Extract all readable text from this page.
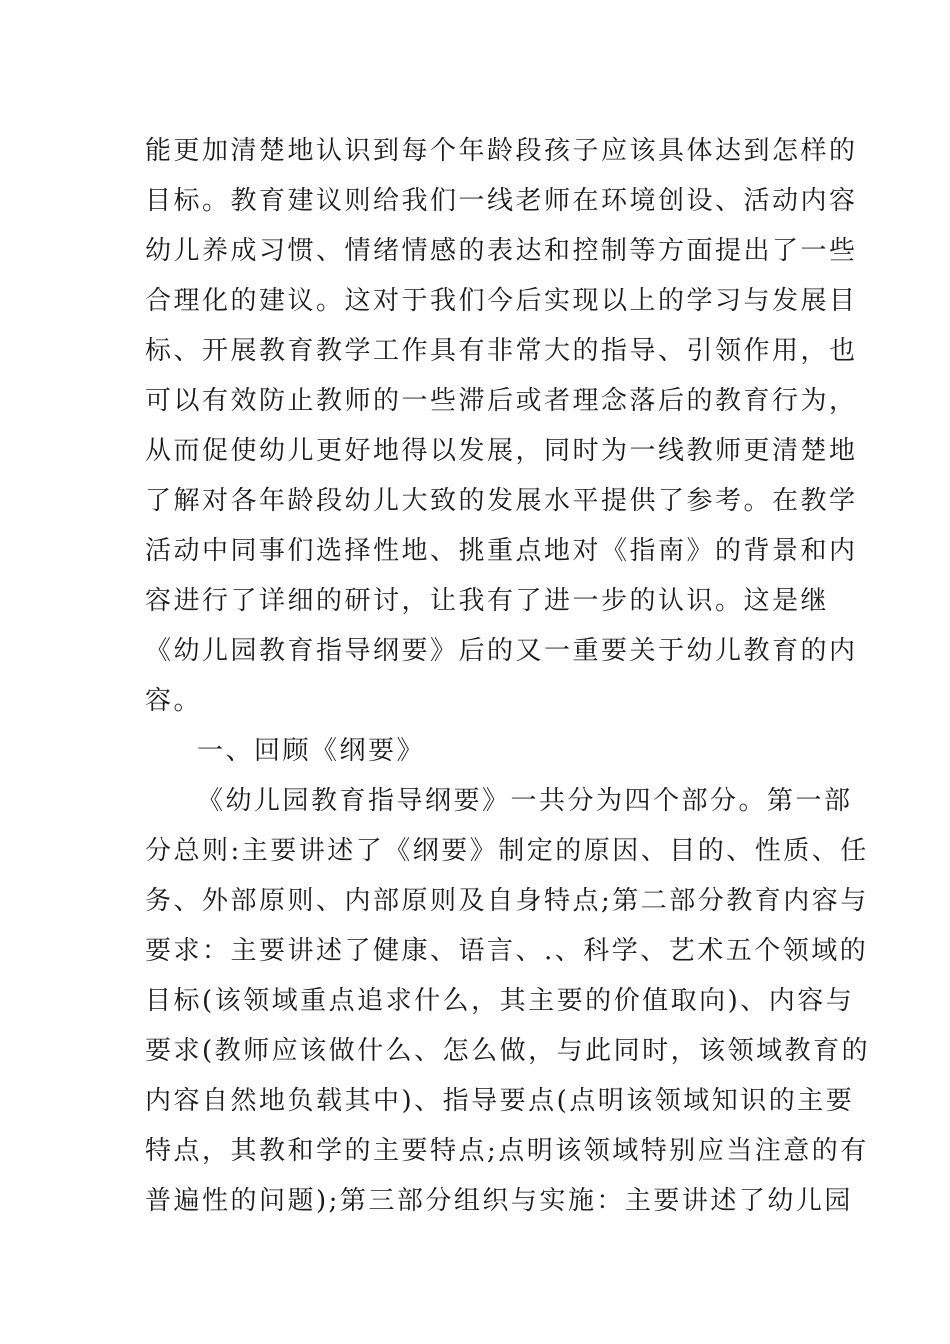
能更加清楚地认识到每个年龄段孩子应该具体达到怎样的
目标。教育建议则给我们一线老师在环境创设、活动内容
幼儿养成习惯、情绪情感的表达和控制等方面提出了一些
合理化的建议。这对于我们今后实现以上的学习与发展目
标、开展教育教学工作具有非常大的指导、引领作用，也
可以有效防止教师的一些滞后或者理念落后的教育行为，
从而促使幼儿更好地得以发展，同时为一线教师更清楚地
了解对各年龄段幼儿大致的发展水平提供了参考。在教学
活动中同事们选择性地、挑重点地对《指南》的背景和内
容进行了详细的研讨，让我有了进一步的认识。这是继
《幼儿园教育指导纲要》后的又一重要关于幼儿教育的内
容。
一、回顾《纲要》
《幼儿园教育指导纲要》一共分为四个部分。第一部
分总则:主要讲述了《纲要》制定的原因、目的、性质、任
务、外部原则、内部原则及自身特点;第二部分教育内容与
要求：主要讲述了健康、语言、.、科学、艺术五个领域的
目标(该领域重点追求什么，其主要的价值取向)、内容与
要求(教师应该做什么、怎么做，与此同时，该领域教育的
内容自然地负载其中)、指导要点(点明该领域知识的主要
特点，其教和学的主要特点;点明该领域特别应当注意的有
普遍性的问题);第三部分组织与实施：主要讲述了幼儿园
